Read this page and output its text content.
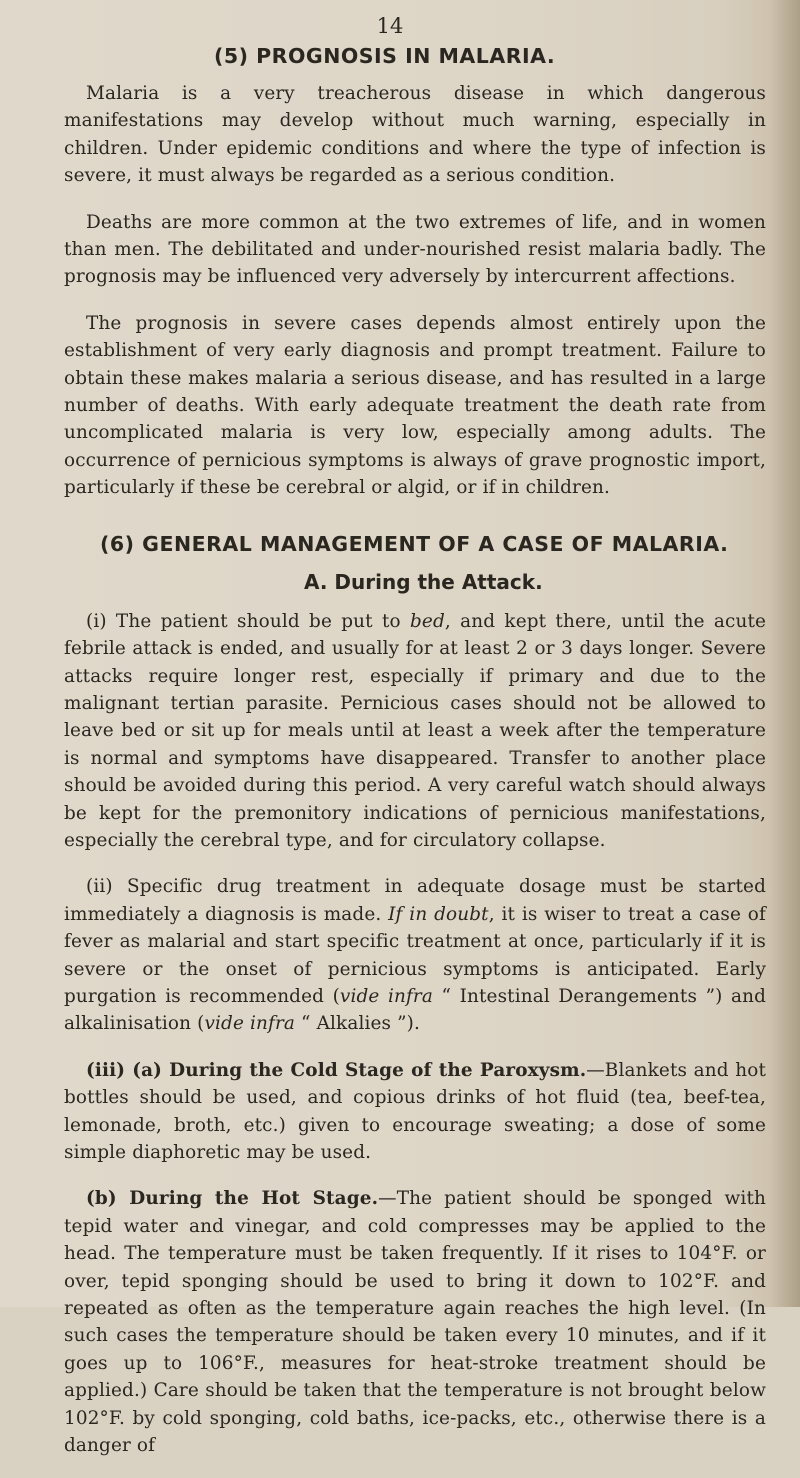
14
(5) PROGNOSIS IN MALARIA.

Malaria is a very treacherous disease in which dangerous manifestations may develop without much warning, especially in children. Under epidemic conditions and where the type of infection is severe, it must always be regarded as a serious condition.

Deaths are more common at the two extremes of life, and in women than men. The debilitated and under-nourished resist malaria badly. The prognosis may be influenced very adversely by intercurrent affections.

The prognosis in severe cases depends almost entirely upon the establishment of very early diagnosis and prompt treatment. Failure to obtain these makes malaria a serious disease, and has resulted in a large number of deaths. With early adequate treatment the death rate from uncomplicated malaria is very low, especially among adults. The occurrence of pernicious symptoms is always of grave prognostic import, particularly if these be cerebral or algid, or if in children.

(6) GENERAL MANAGEMENT OF A CASE OF MALARIA.
A. During the Attack.

(i) The patient should be put to bed, and kept there, until the acute febrile attack is ended, and usually for at least 2 or 3 days longer. Severe attacks require longer rest, especially if primary and due to the malignant tertian parasite. Pernicious cases should not be allowed to leave bed or sit up for meals until at least a week after the temperature is normal and symptoms have disappeared. Transfer to another place should be avoided during this period. A very careful watch should always be kept for the premonitory indications of pernicious manifestations, especially the cerebral type, and for circulatory collapse.

(ii) Specific drug treatment in adequate dosage must be started immediately a diagnosis is made. If in doubt, it is wiser to treat a case of fever as malarial and start specific treatment at once, particularly if it is severe or the onset of pernicious symptoms is anticipated. Early purgation is recommended (vide infra “ Intestinal Derangements ”) and alkalinisation (vide infra “ Alkalies ”).

(iii) (a) During the Cold Stage of the Paroxysm.—Blankets and hot bottles should be used, and copious drinks of hot fluid (tea, beef-tea, lemonade, broth, etc.) given to encourage sweating; a dose of some simple diaphoretic may be used.

(b) During the Hot Stage.—The patient should be sponged with tepid water and vinegar, and cold compresses may be applied to the head. The temperature must be taken frequently. If it rises to 104°F. or over, tepid sponging should be used to bring it down to 102°F. and repeated as often as the temperature again reaches the high level. (In such cases the temperature should be taken every 10 minutes, and if it goes up to 106°F., measures for heat-stroke treatment should be applied.) Care should be taken that the temperature is not brought below 102°F. by cold sponging, cold baths, ice-packs, etc., otherwise there is a danger of
